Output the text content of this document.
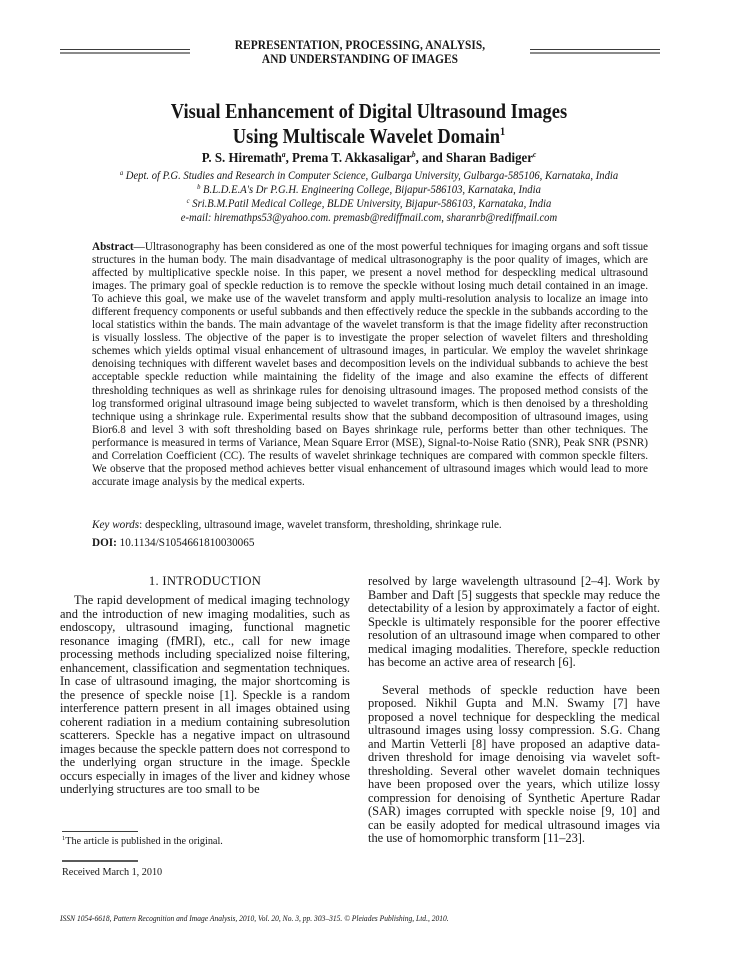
REPRESENTATION, PROCESSING, ANALYSIS,
AND UNDERSTANDING OF IMAGES
Visual Enhancement of Digital Ultrasound Images
Using Multiscale Wavelet Domain$^1$
P. S. Hiremath$^a$, Prema T. Akkasaligar$^b$, and Sharan Badiger$^c$
$^a$ Dept. of P.G. Studies and Research in Computer Science, Gulbarga University, Gulbarga-585106, Karnataka, India
$^b$ B.L.D.E.A's Dr P.G.H. Engineering College, Bijapur-586103, Karnataka, India
$^c$ Sri.B.M.Patil Medical College, BLDE University, Bijapur-586103, Karnataka, India
e-mail: hiremathps53@yahoo.com. premasb@rediffmail.com, sharanrb@rediffmail.com
Abstract—Ultrasonography has been considered as one of the most powerful techniques for imaging organs and soft tissue structures in the human body. The main disadvantage of medical ultrasonography is the poor quality of images, which are affected by multiplicative speckle noise. In this paper, we present a novel method for despeckling medical ultrasound images. The primary goal of speckle reduction is to remove the speckle without losing much detail contained in an image. To achieve this goal, we make use of the wavelet transform and apply multi-resolution analysis to localize an image into different frequency components or useful subbands and then effectively reduce the speckle in the subbands according to the local statistics within the bands. The main advantage of the wavelet transform is that the image fidelity after reconstruction is visually lossless. The objective of the paper is to investigate the proper selection of wavelet filters and thresholding schemes which yields optimal visual enhancement of ultrasound images, in particular. We employ the wavelet shrinkage denoising techniques with different wavelet bases and decomposition levels on the individual subbands to achieve the best acceptable speckle reduction while maintaining the fidelity of the image and also examine the effects of different thresholding techniques as well as shrinkage rules for denoising ultrasound images. The proposed method consists of the log transformed original ultrasound image being subjected to wavelet transform, which is then denoised by a thresholding technique using a shrinkage rule. Experimental results show that the subband decomposition of ultrasound images, using Bior6.8 and level 3 with soft thresholding based on Bayes shrinkage rule, performs better than other techniques. The performance is measured in terms of Variance, Mean Square Error (MSE), Signal-to-Noise Ratio (SNR), Peak SNR (PSNR) and Correlation Coefficient (CC). The results of wavelet shrinkage techniques are compared with common speckle filters. We observe that the proposed method achieves better visual enhancement of ultrasound images which would lead to more accurate image analysis by the medical experts.
Key words: despeckling, ultrasound image, wavelet transform, thresholding, shrinkage rule.
DOI: 10.1134/S1054661810030065
1. INTRODUCTION

The rapid development of medical imaging technology and the introduction of new imaging modalities, such as endoscopy, ultrasound imaging, functional magnetic resonance imaging (fMRI), etc., call for new image processing methods including specialized noise filtering, enhancement, classification and segmentation techniques. In case of ultrasound imaging, the major shortcoming is the presence of speckle noise [1]. Speckle is a random interference pattern present in all images obtained using coherent radiation in a medium containing subresolution scatterers. Speckle has a negative impact on ultrasound images because the speckle pattern does not correspond to the underlying organ structure in the image. Speckle occurs especially in images of the liver and kidney whose underlying structures are too small to be

resolved by large wavelength ultrasound [2–4]. Work by Bamber and Daft [5] suggests that speckle may reduce the detectability of a lesion by approximately a factor of eight. Speckle is ultimately responsible for the poorer effective resolution of an ultrasound image when compared to other medical imaging modalities. Therefore, speckle reduction has become an active area of research [6].

Several methods of speckle reduction have been proposed. Nikhil Gupta and M.N. Swamy [7] have proposed a novel technique for despeckling the medical ultrasound images using lossy compression. S.G. Chang and Martin Vetterli [8] have proposed an adaptive data-driven threshold for image denoising via wavelet soft-thresholding. Several other wavelet domain techniques have been proposed over the years, which utilize lossy compression for denoising of Synthetic Aperture Radar (SAR) images corrupted with speckle noise [9, 10] and can be easily adopted for medical ultrasound images via the use of homomorphic transform [11–23].

$^1$The article is published in the original.
Received March 1, 2010
ISSN 1054-6618, Pattern Recognition and Image Analysis, 2010, Vol. 20, No. 3, pp. 303–315. © Pleiades Publishing, Ltd., 2010.
